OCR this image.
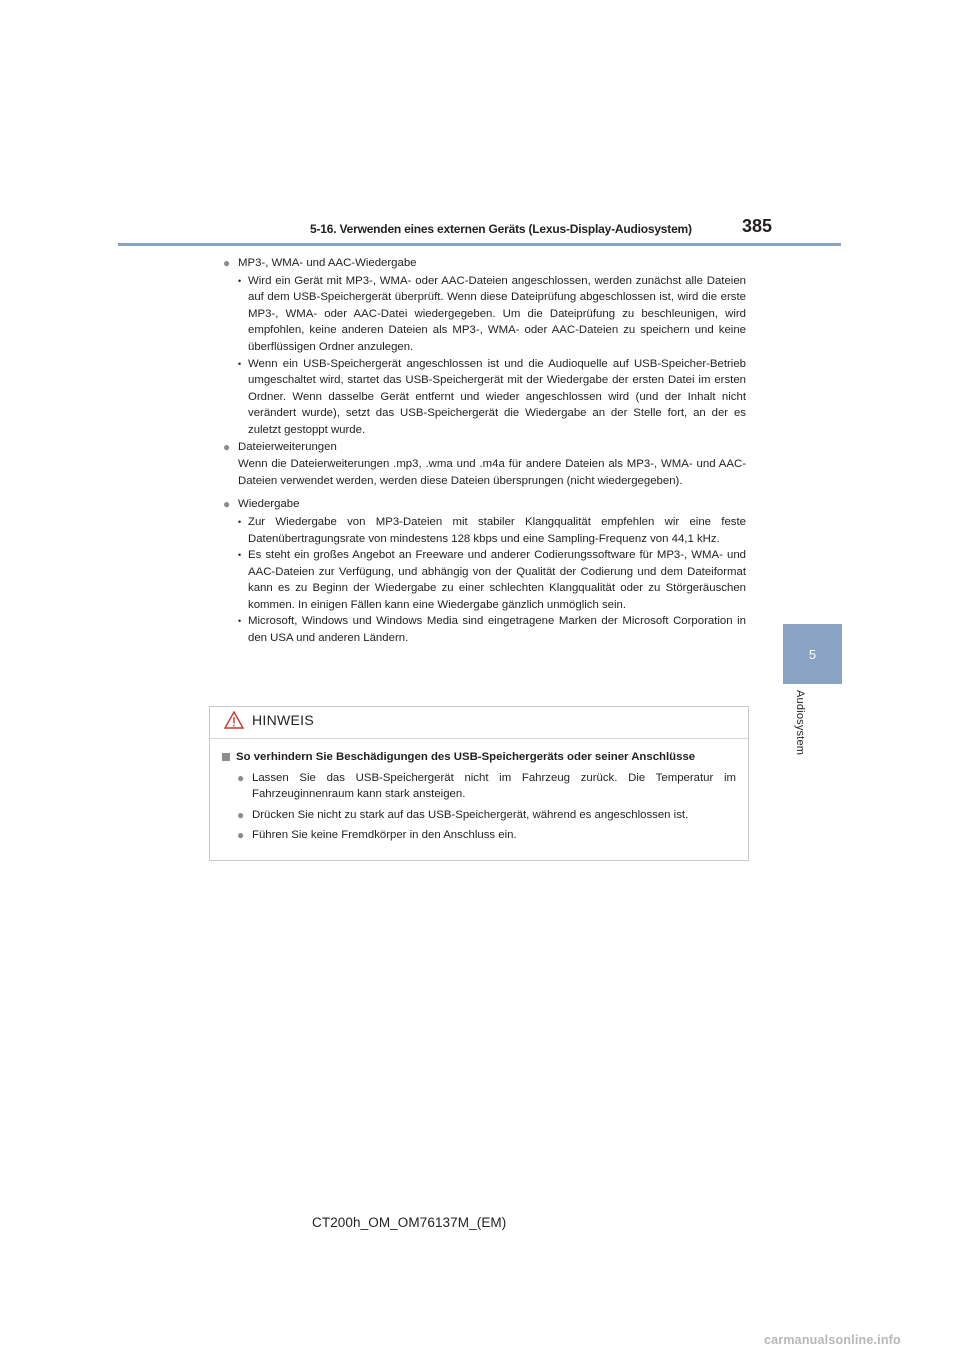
5-16. Verwenden eines externen Geräts (Lexus-Display-Audiosystem)	385
5
Audiosystem

● MP3-, WMA- und AAC-Wiedergabe

• Wird ein Gerät mit MP3-, WMA- oder AAC-Dateien angeschlossen, werden zunächst alle Dateien auf dem USB-Speichergerät überprüft. Wenn diese Dateiprüfung abgeschlossen ist, wird die erste MP3-, WMA- oder AAC-Datei wiedergegeben. Um die Dateiprüfung zu beschleunigen, wird empfohlen, keine anderen Dateien als MP3-, WMA- oder AAC-Dateien zu speichern und keine überflüssigen Ordner anzulegen.
• Wenn ein USB-Speichergerät angeschlossen ist und die Audioquelle auf USB-Speicher-Betrieb umgeschaltet wird, startet das USB-Speichergerät mit der Wiedergabe der ersten Datei im ersten Ordner. Wenn dasselbe Gerät entfernt und wieder angeschlossen wird (und der Inhalt nicht verändert wurde), setzt das USB-Speichergerät die Wiedergabe an der Stelle fort, an der es zuletzt gestoppt wurde.

● Dateierweiterungen

Wenn die Dateierweiterungen .mp3, .wma und .m4a für andere Dateien als MP3-, WMA- und AAC-Dateien verwendet werden, werden diese Dateien übersprungen (nicht wiedergegeben).

● Wiedergabe

• Zur Wiedergabe von MP3-Dateien mit stabiler Klangqualität empfehlen wir eine feste Datenübertragungsrate von mindestens 128 kbps und eine Sampling-Frequenz von 44,1 kHz.
• Es steht ein großes Angebot an Freeware und anderer Codierungssoftware für MP3-, WMA- und AAC-Dateien zur Verfügung, und abhängig von der Qualität der Codierung und dem Dateiformat kann es zu Beginn der Wiedergabe zu einer schlechten Klangqualität oder zu Störgeräuschen kommen. In einigen Fällen kann eine Wiedergabe gänzlich unmöglich sein.
• Microsoft, Windows und Windows Media sind eingetragene Marken der Microsoft Corporation in den USA und anderen Ländern.
HINWEIS

So verhindern Sie Beschädigungen des USB-Speichergeräts oder seiner Anschlüsse

● Lassen Sie das USB-Speichergerät nicht im Fahrzeug zurück. Die Temperatur im Fahrzeuginnenraum kann stark ansteigen.

● Drücken Sie nicht zu stark auf das USB-Speichergerät, während es angeschlossen ist.

● Führen Sie keine Fremdkörper in den Anschluss ein.

CT200h_OM_OM76137M_(EM)
carmanualsonline.info
